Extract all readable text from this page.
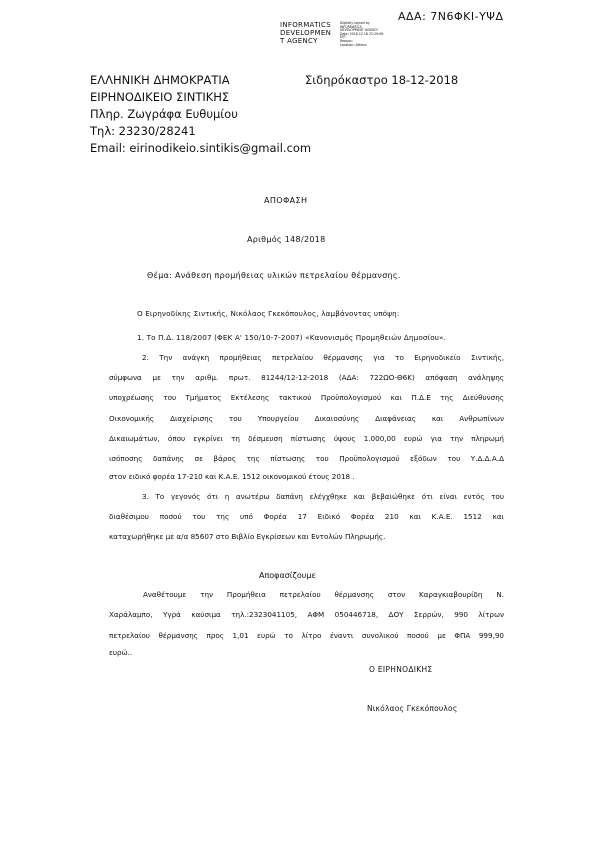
ΑΔΑ: 7Ν6ΦΚΙ-ΥΨΔ
INFORMATICS
DEVELOPMEN
T AGENCY
Digitally signed by
INFORMATICS
DEVELOPMENT AGENCY
Date: 2018.12.18 22:29:06
EET
Reason:
Location: Athens
ΕΛΛΗΝΙΚΗ ΔΗΜΟΚΡΑΤΙΑ	Σιδηρόκαστρο 18-12-2018
ΕΙΡΗΝΟΔΙΚΕΙΟ ΣΙΝΤΙΚΗΣ
Πληρ. Ζωγράφα Ευθυμίου
Τηλ: 23230/28241
Email: eirinodikeio.sintikis@gmail.com
ΑΠΟΦΑΣΗ
Αριθμός 148/2018
Θέμα: Ανάθεση προμήθειας υλικών πετρελαίου θέρμανσης.
Ο Ειρηνοδίκης Σιντικής, Νικόλαος Γκεκόπουλος, λαμβάνοντας υπόψη:
1. Το Π.Δ. 118/2007 (ΦΕΚ Α' 150/10-7-2007) «Κανονισμός Προμηθειών Δημοσίου».
2. Την ανάγκη προμήθειας πετρελαίου θέρμανσης για το Ειρηνοδικείο Σιντικής,
σύμφωνα με την αριθμ. πρωτ. 81244/12-12-2018 (ΑΔΑ: 722ΩΟ-Θ6Κ) απόφαση ανάληψης
υποχρέωσης του Τμήματος Εκτέλεσης τακτικού Προϋπολογισμού και Π.Δ.Ε της Διεύθυνσης
Οικονομικής Διαχείρισης του Υπουργείου Δικαιοσύνης Διαφάνειας και Ανθρωπίνων
Δικαιωμάτων, όπου εγκρίνει τη δέσμευση πίστωσης ύψους 1.000,00 ευρώ για την πληρωμή
ισόποσης δαπάνης σε βάρος της πίστωσης του Προϋπολογισμού εξόδων του Υ.Δ.Δ.Α.Δ
στον ειδικό φορέα 17-210 και Κ.Α.Ε. 1512 οικονομικού έτους 2018 .
3. Το γεγονός ότι η ανωτέρω δαπάνη ελέγχθηκε και βεβαιώθηκε ότι είναι εντός του
διαθέσιμου ποσού του της υπό Φορέα 17 Ειδικό Φορέα 210 και Κ.Α.Ε. 1512 και
καταχωρήθηκε με α/α 85607 στο Βιβλίο Εγκρίσεων και Εντολών Πληρωμής.
Αποφασίζουμε
Αναθέτουμε την Προμήθεια πετρελαίου θέρμανσης στον Καραγκιαβουρίδη Ν.
Χαράλαμπο, Υγρά καύσιμα τηλ.:2323041105, ΑΦΜ 050446718, ΔΟΥ Σερρών, 990 λίτρων
πετρελαίου θέρμανσης προς 1,01 ευρώ το λίτρο έναντι συνολικού ποσού με ΦΠΑ 999,90
ευρώ..
Ο ΕΙΡΗΝΟΔΙΚΗΣ
Νικόλαος Γκεκόπουλος
